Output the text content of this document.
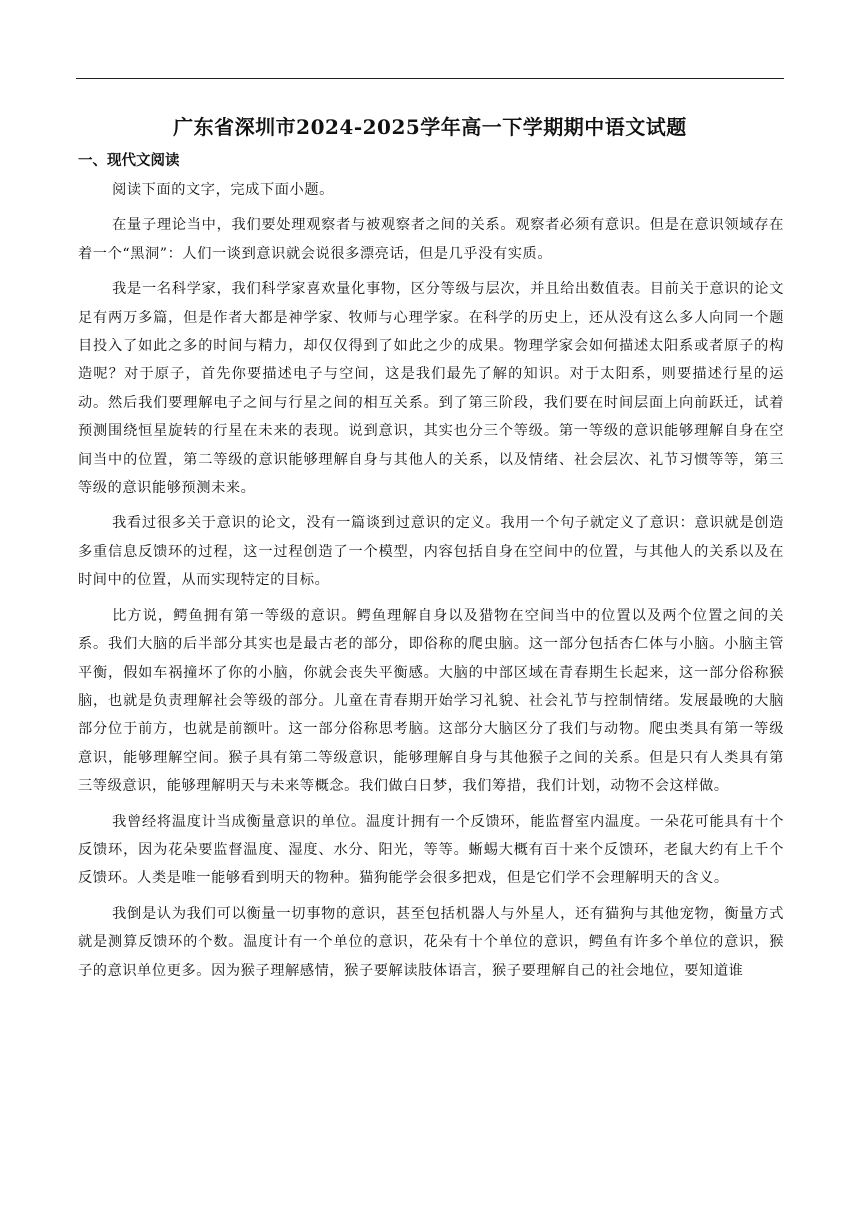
广东省深圳市2024-2025学年高一下学期期中语文试题
一、现代文阅读

阅读下面的文字，完成下面小题。

在量子理论当中，我们要处理观察者与被观察者之间的关系。观察者必须有意识。但是在意识领域存在着一个“黑洞”：人们一谈到意识就会说很多漂亮话，但是几乎没有实质。

我是一名科学家，我们科学家喜欢量化事物，区分等级与层次，并且给出数值表。目前关于意识的论文足有两万多篇，但是作者大都是神学家、牧师与心理学家。在科学的历史上，还从没有这么多人向同一个题目投入了如此之多的时间与精力，却仅仅得到了如此之少的成果。物理学家会如何描述太阳系或者原子的构造呢？对于原子，首先你要描述电子与空间，这是我们最先了解的知识。对于太阳系，则要描述行星的运动。然后我们要理解电子之间与行星之间的相互关系。到了第三阶段，我们要在时间层面上向前跃迁，试着预测围绕恒星旋转的行星在未来的表现。说到意识，其实也分三个等级。第一等级的意识能够理解自身在空间当中的位置，第二等级的意识能够理解自身与其他人的关系，以及情绪、社会层次、礼节习惯等等，第三等级的意识能够预测未来。

我看过很多关于意识的论文，没有一篇谈到过意识的定义。我用一个句子就定义了意识：意识就是创造多重信息反馈环的过程，这一过程创造了一个模型，内容包括自身在空间中的位置，与其他人的关系以及在时间中的位置，从而实现特定的目标。

比方说，鳄鱼拥有第一等级的意识。鳄鱼理解自身以及猎物在空间当中的位置以及两个位置之间的关系。我们大脑的后半部分其实也是最古老的部分，即俗称的爬虫脑。这一部分包括杏仁体与小脑。小脑主管平衡，假如车祸撞坏了你的小脑，你就会丧失平衡感。大脑的中部区域在青春期生长起来，这一部分俗称猴脑，也就是负责理解社会等级的部分。儿童在青春期开始学习礼貌、社会礼节与控制情绪。发展最晚的大脑部分位于前方，也就是前额叶。这一部分俗称思考脑。这部分大脑区分了我们与动物。爬虫类具有第一等级意识，能够理解空间。猴子具有第二等级意识，能够理解自身与其他猴子之间的关系。但是只有人类具有第三等级意识，能够理解明天与未来等概念。我们做白日梦，我们筹措，我们计划，动物不会这样做。

我曾经将温度计当成衡量意识的单位。温度计拥有一个反馈环，能监督室内温度。一朵花可能具有十个反馈环，因为花朵要监督温度、湿度、水分、阳光，等等。蜥蜴大概有百十来个反馈环，老鼠大约有上千个反馈环。人类是唯一能够看到明天的物种。猫狗能学会很多把戏，但是它们学不会理解明天的含义。

我倒是认为我们可以衡量一切事物的意识，甚至包括机器人与外星人，还有猫狗与其他宠物，衡量方式就是测算反馈环的个数。温度计有一个单位的意识，花朵有十个单位的意识，鳄鱼有许多个单位的意识，猴子的意识单位更多。因为猴子理解感情，猴子要解读肢体语言，猴子要理解自己的社会地位，要知道谁
